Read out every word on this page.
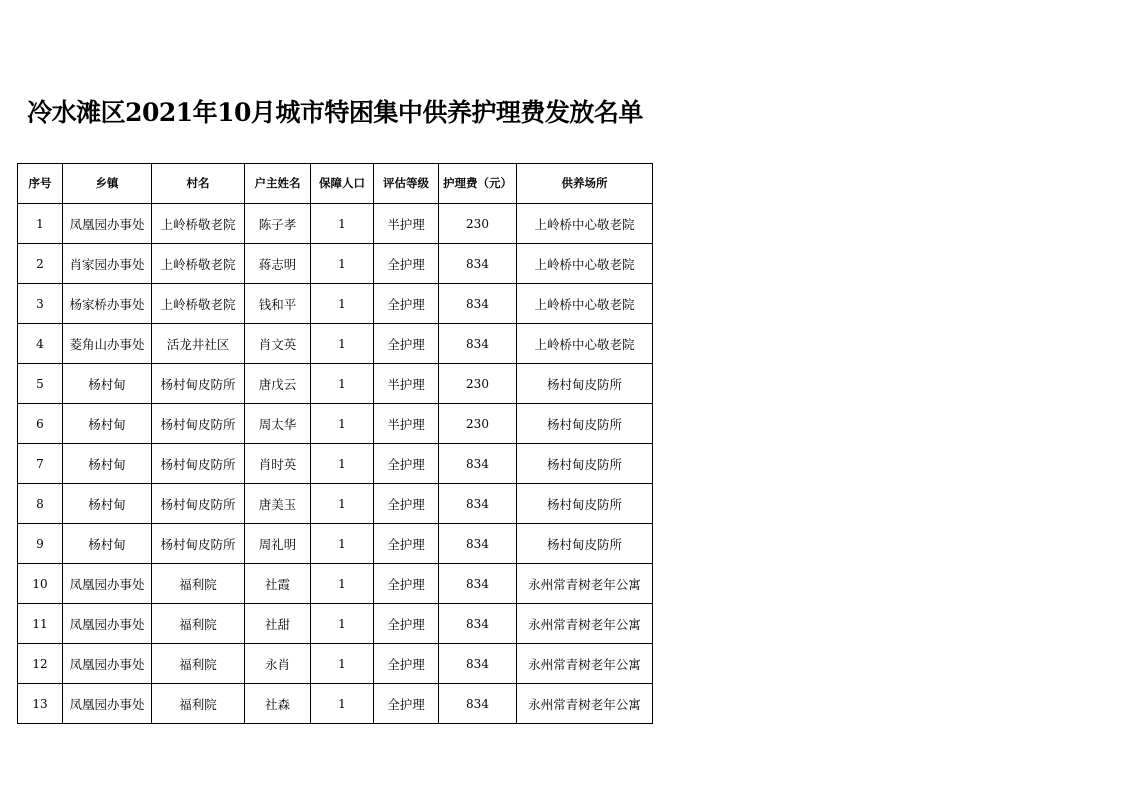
冷水滩区2021年10月城市特困集中供养护理费发放名单
序号	乡镇	村名	户主姓名	保障人口	评估等级	护理费（元）	供养场所
1	凤凰园办事处	上岭桥敬老院	陈子孝	1	半护理	230	上岭桥中心敬老院
2	肖家园办事处	上岭桥敬老院	蒋志明	1	全护理	834	上岭桥中心敬老院
3	杨家桥办事处	上岭桥敬老院	钱和平	1	全护理	834	上岭桥中心敬老院
4	菱角山办事处	活龙井社区	肖文英	1	全护理	834	上岭桥中心敬老院
5	杨村甸	杨村甸皮防所	唐戊云	1	半护理	230	杨村甸皮防所
6	杨村甸	杨村甸皮防所	周太华	1	半护理	230	杨村甸皮防所
7	杨村甸	杨村甸皮防所	肖时英	1	全护理	834	杨村甸皮防所
8	杨村甸	杨村甸皮防所	唐美玉	1	全护理	834	杨村甸皮防所
9	杨村甸	杨村甸皮防所	周礼明	1	全护理	834	杨村甸皮防所
10	凤凰园办事处	福利院	社霞	1	全护理	834	永州常青树老年公寓
11	凤凰园办事处	福利院	社甜	1	全护理	834	永州常青树老年公寓
12	凤凰园办事处	福利院	永肖	1	全护理	834	永州常青树老年公寓
13	凤凰园办事处	福利院	社森	1	全护理	834	永州常青树老年公寓
